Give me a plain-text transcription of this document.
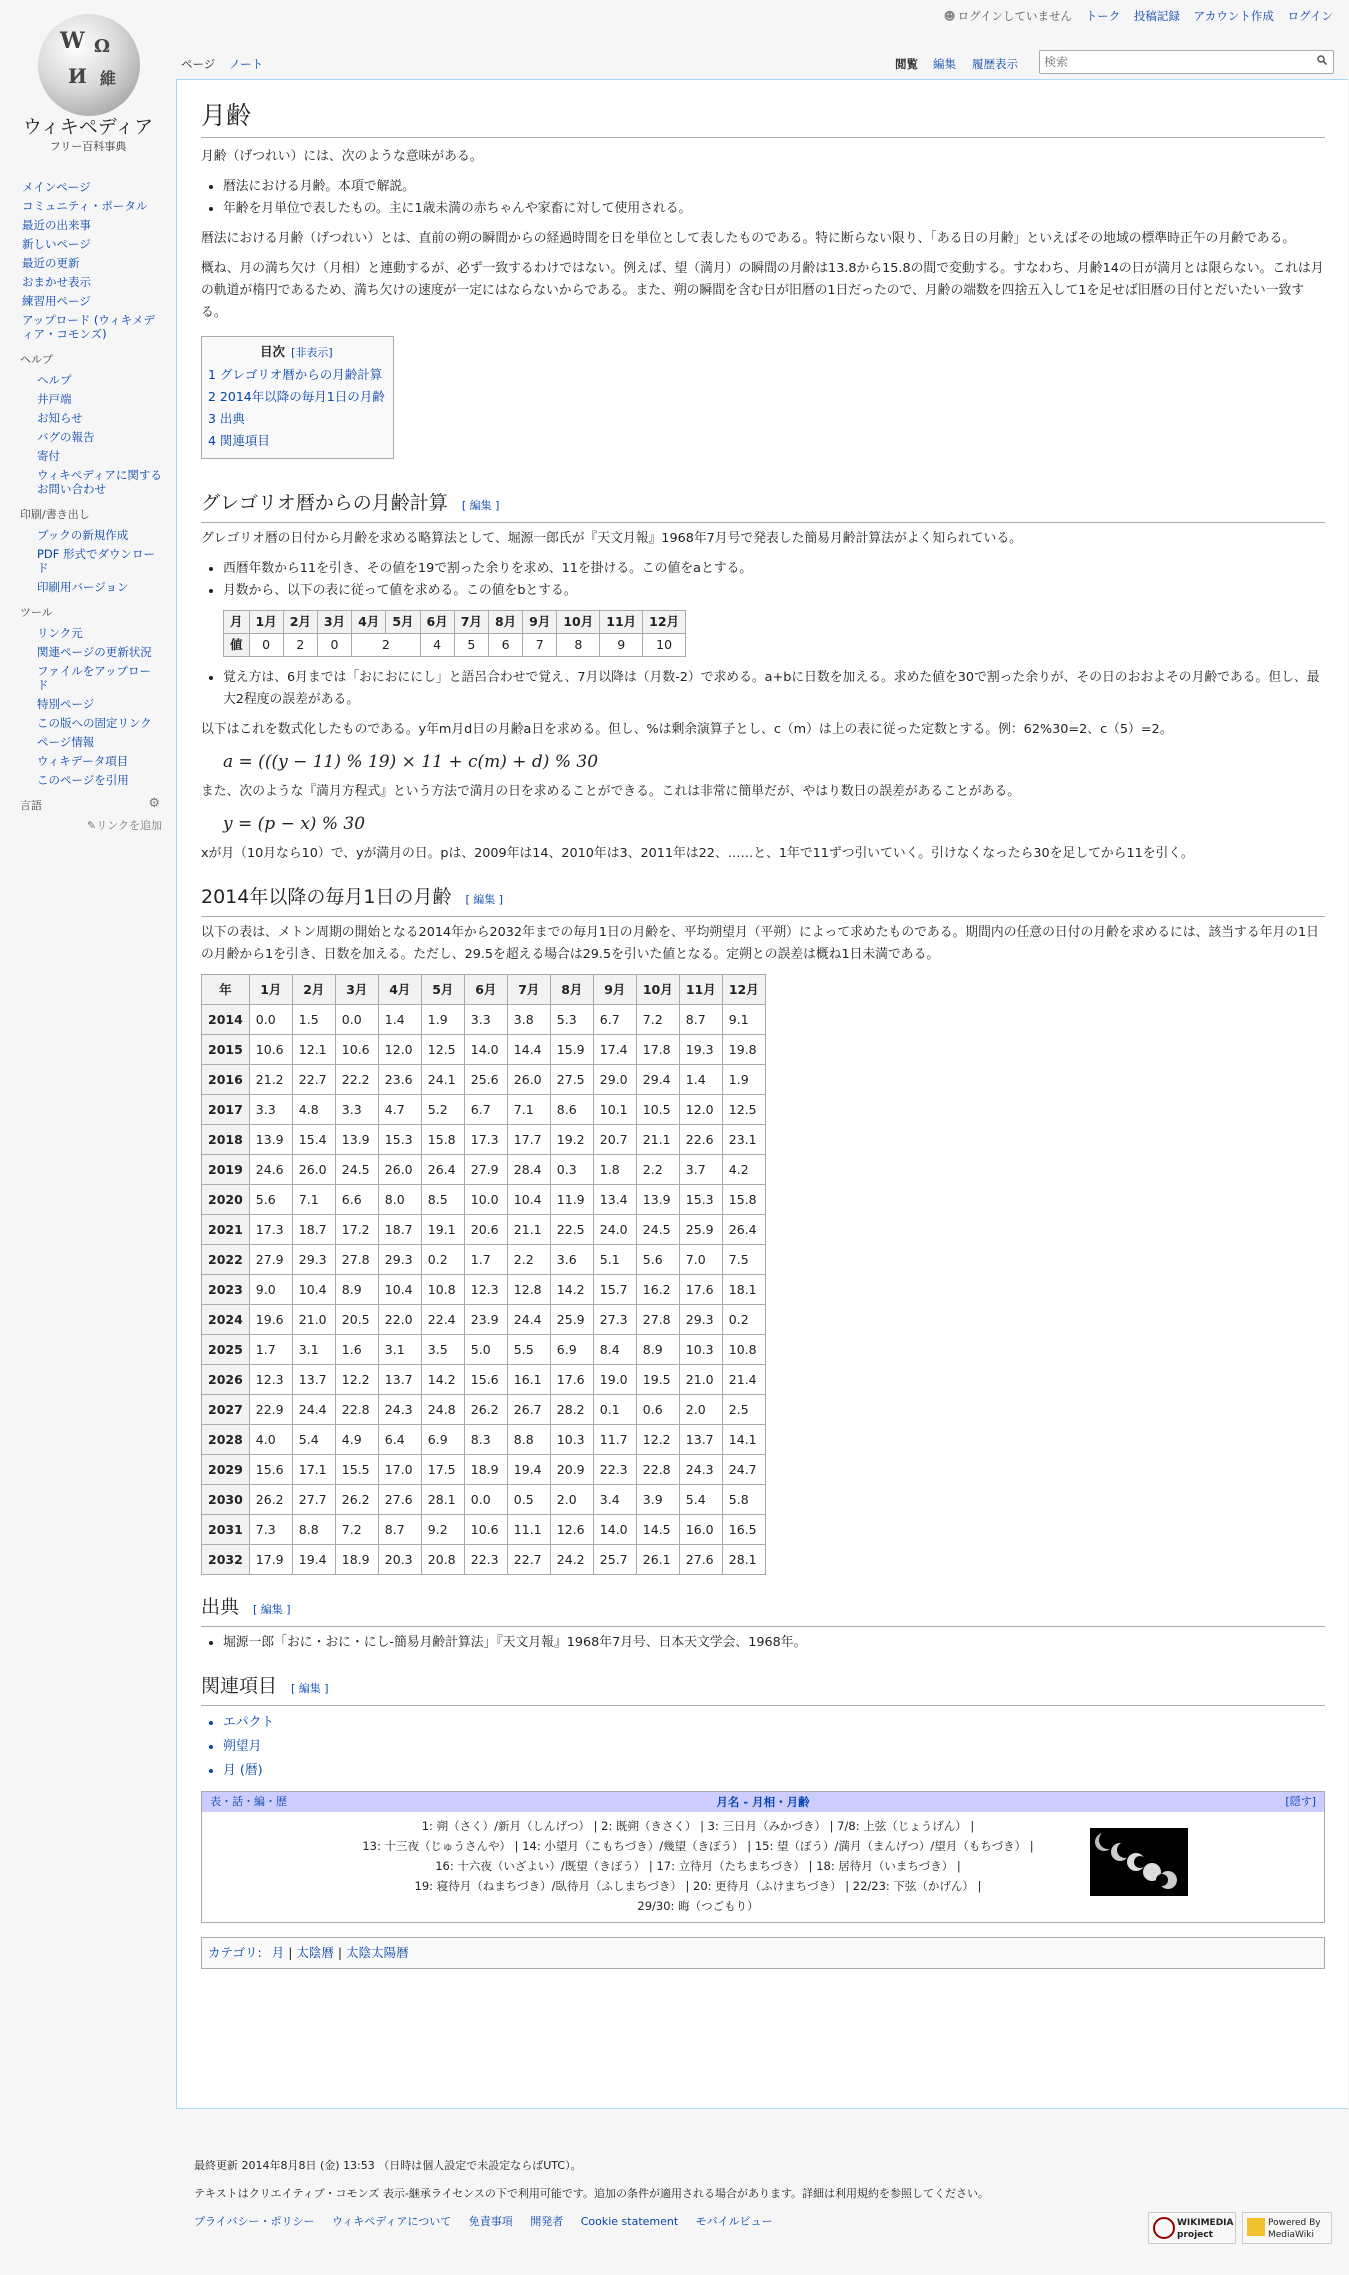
W Ω
И 維
ウィキペディア
フリー百科事典
☻ ログインしていません トーク 投稿記録 アカウント作成 ログイン
ページ ノート	閲覧 編集 履歴表示
検索
メインページ
コミュニティ・ポータル
最近の出来事
新しいページ
最近の更新
おまかせ表示
練習用ページ
アップロード (ウィキメディア・コモンズ)
ヘルプ
ヘルプ
井戸端
お知らせ
バグの報告
寄付
ウィキペディアに関するお問い合わせ
印刷/書き出し
ブックの新規作成
PDF 形式でダウンロード
印刷用バージョン
ツール
リンク元
関連ページの更新状況
ファイルをアップロード
特別ページ
この版への固定リンク
ページ情報
ウィキデータ項目
このページを引用
言語	⚙
✎リンクを追加
月齢

月齢（げつれい）には、次のような意味がある。

• 暦法における月齢。本項で解説。
• 年齢を月単位で表したもの。主に1歳未満の赤ちゃんや家畜に対して使用される。

暦法における月齢（げつれい）とは、直前の朔の瞬間からの経過時間を日を単位として表したものである。特に断らない限り、「ある日の月齢」といえばその地域の標準時正午の月齢である。

概ね、月の満ち欠け（月相）と連動するが、必ず一致するわけではない。例えば、望（満月）の瞬間の月齢は13.8から15.8の間で変動する。すなわち、月齢14の日が満月とは限らない。これは月の軌道が楕円であるため、満ち欠けの速度が一定にはならないからである。また、朔の瞬間を含む日が旧暦の1日だったので、月齢の端数を四捨五入して1を足せば旧暦の日付とだいたい一致する。

目次 [非表示]
1 グレゴリオ暦からの月齢計算
2 2014年以降の毎月1日の月齢
3 出典
4 関連項目
グレゴリオ暦からの月齢計算 [ 編集 ]

グレゴリオ暦の日付から月齢を求める略算法として、堀源一郎氏が『天文月報』1968年7月号で発表した簡易月齢計算法がよく知られている。

• 西暦年数から11を引き、その値を19で割った余りを求め、11を掛ける。この値をaとする。
• 月数から、以下の表に従って値を求める。この値をbとする。
月	1月	2月	3月	4月	5月	6月	7月	8月	9月	10月	11月	12月
値	0	2	0	2		4	5	6	7	8	9	10
• 覚え方は、6月までは「おにおににし」と語呂合わせで覚え、7月以降は（月数-2）で求める。a+bに日数を加える。求めた値を30で割った余りが、その日のおおよその月齢である。但し、最大2程度の誤差がある。

以下はこれを数式化したものである。y年m月d日の月齢a日を求める。但し、%は剰余演算子とし、c（m）は上の表に従った定数とする。例：62%30=2、c（5）=2。

a = (((y − 11) % 19) × 11 + c(m) + d) % 30

また、次のような『満月方程式』という方法で満月の日を求めることができる。これは非常に簡単だが、やはり数日の誤差があることがある。

y = (p − x) % 30

xが月（10月なら10）で、yが満月の日。pは、2009年は14、2010年は3、2011年は22、……と、1年で11ずつ引いていく。引けなくなったら30を足してから11を引く。

2014年以降の毎月1日の月齢 [ 編集 ]

以下の表は、メトン周期の開始となる2014年から2032年までの毎月1日の月齢を、平均朔望月（平朔）によって求めたものである。期間内の任意の日付の月齢を求めるには、該当する年月の1日の月齢から1を引き、日数を加える。ただし、29.5を超える場合は29.5を引いた値となる。定朔との誤差は概ね1日未満である。

年	1月	2月	3月	4月	5月	6月	7月	8月	9月	10月	11月	12月
2014	0.0	1.5	0.0	1.4	1.9	3.3	3.8	5.3	6.7	7.2	8.7	9.1
2015	10.6	12.1	10.6	12.0	12.5	14.0	14.4	15.9	17.4	17.8	19.3	19.8
2016	21.2	22.7	22.2	23.6	24.1	25.6	26.0	27.5	29.0	29.4	1.4	1.9
2017	3.3	4.8	3.3	4.7	5.2	6.7	7.1	8.6	10.1	10.5	12.0	12.5
2018	13.9	15.4	13.9	15.3	15.8	17.3	17.7	19.2	20.7	21.1	22.6	23.1
2019	24.6	26.0	24.5	26.0	26.4	27.9	28.4	0.3	1.8	2.2	3.7	4.2
2020	5.6	7.1	6.6	8.0	8.5	10.0	10.4	11.9	13.4	13.9	15.3	15.8
2021	17.3	18.7	17.2	18.7	19.1	20.6	21.1	22.5	24.0	24.5	25.9	26.4
2022	27.9	29.3	27.8	29.3	0.2	1.7	2.2	3.6	5.1	5.6	7.0	7.5
2023	9.0	10.4	8.9	10.4	10.8	12.3	12.8	14.2	15.7	16.2	17.6	18.1
2024	19.6	21.0	20.5	22.0	22.4	23.9	24.4	25.9	27.3	27.8	29.3	0.2
2025	1.7	3.1	1.6	3.1	3.5	5.0	5.5	6.9	8.4	8.9	10.3	10.8
2026	12.3	13.7	12.2	13.7	14.2	15.6	16.1	17.6	19.0	19.5	21.0	21.4
2027	22.9	24.4	22.8	24.3	24.8	26.2	26.7	28.2	0.1	0.6	2.0	2.5
2028	4.0	5.4	4.9	6.4	6.9	8.3	8.8	10.3	11.7	12.2	13.7	14.1
2029	15.6	17.1	15.5	17.0	17.5	18.9	19.4	20.9	22.3	22.8	24.3	24.7
2030	26.2	27.7	26.2	27.6	28.1	0.0	0.5	2.0	3.4	3.9	5.4	5.8
2031	7.3	8.8	7.2	8.7	9.2	10.6	11.1	12.6	14.0	14.5	16.0	16.5
2032	17.9	19.4	18.9	20.3	20.8	22.3	22.7	24.2	25.7	26.1	27.6	28.1
出典 [ 編集 ]
• 堀源一郎「おに・おに・にし-簡易月齢計算法」『天文月報』1968年7月号、日本天文学会、1968年。
関連項目 [ 編集 ]
• エパクト
• 朔望月
• 月 (暦)
表・話・編・歴	月名 - 月相・月齢	[隠す]
1: 朔（さく）/新月（しんげつ） | 2: 既朔（きさく） | 3: 三日月（みかづき） | 7/8: 上弦（じょうげん） |
13: 十三夜（じゅうさんや） | 14: 小望月（こもちづき）/幾望（きぼう） | 15: 望（ぼう）/満月（まんげつ）/望月（もちづき） |
16: 十六夜（いざよい）/既望（きぼう） | 17: 立待月（たちまちづき） | 18: 居待月（いまちづき） |
19: 寝待月（ねまちづき）/臥待月（ふしまちづき） | 20: 更待月（ふけまちづき） | 22/23: 下弦（かげん） |
29/30: 晦（つごもり）
カテゴリ: 月 | 太陰暦 | 太陰太陽暦
最終更新 2014年8月8日 (金) 13:53 （日時は個人設定で未設定ならばUTC）。
テキストはクリエイティブ・コモンズ 表示-継承ライセンスの下で利用可能です。追加の条件が適用される場合があります。詳細は利用規約を参照してください。
プライバシー・ポリシー ウィキペディアについて 免責事項 開発者 Cookie statement モバイルビュー	WIKIMEDIA project
Powered By MediaWiki
